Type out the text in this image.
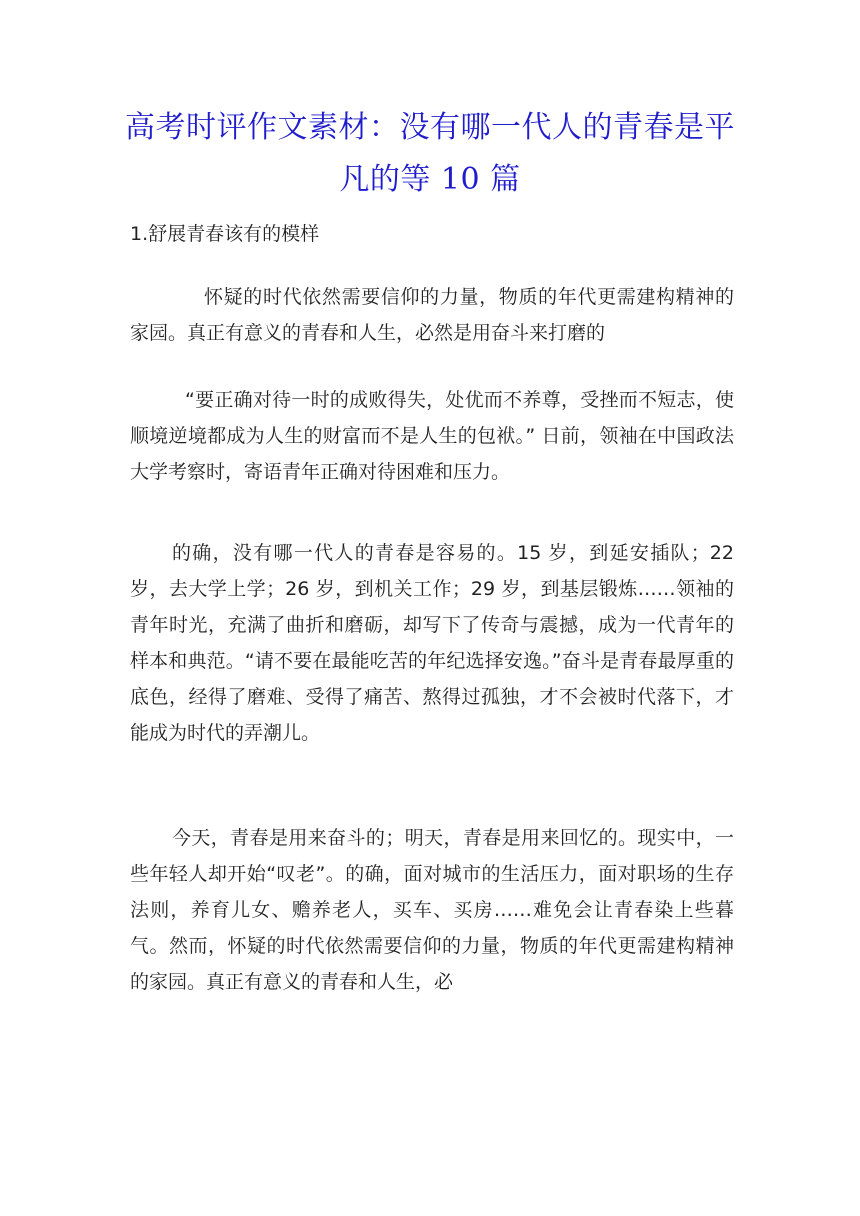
高考时评作文素材：没有哪一代人的青春是平凡的等 10 篇
1.舒展青春该有的模样

怀疑的时代依然需要信仰的力量，物质的年代更需建构精神的家园。真正有意义的青春和人生，必然是用奋斗来打磨的

“要正确对待一时的成败得失，处优而不养尊，受挫而不短志，使顺境逆境都成为人生的财富而不是人生的包袱。” 日前，领袖在中国政法大学考察时，寄语青年正确对待困难和压力。

的确，没有哪一代人的青春是容易的。15 岁，到延安插队；22 岁，去大学上学；26 岁，到机关工作；29 岁，到基层锻炼……领袖的青年时光，充满了曲折和磨砺，却写下了传奇与震撼，成为一代青年的样本和典范。“请不要在最能吃苦的年纪选择安逸。”奋斗是青春最厚重的底色，经得了磨难、受得了痛苦、熬得过孤独，才不会被时代落下，才能成为时代的弄潮儿。

今天，青春是用来奋斗的；明天，青春是用来回忆的。现实中，一些年轻人却开始“叹老”。的确，面对城市的生活压力，面对职场的生存法则，养育儿女、赡养老人，买车、买房……难免会让青春染上些暮气。然而，怀疑的时代依然需要信仰的力量，物质的年代更需建构精神的家园。真正有意义的青春和人生，必
